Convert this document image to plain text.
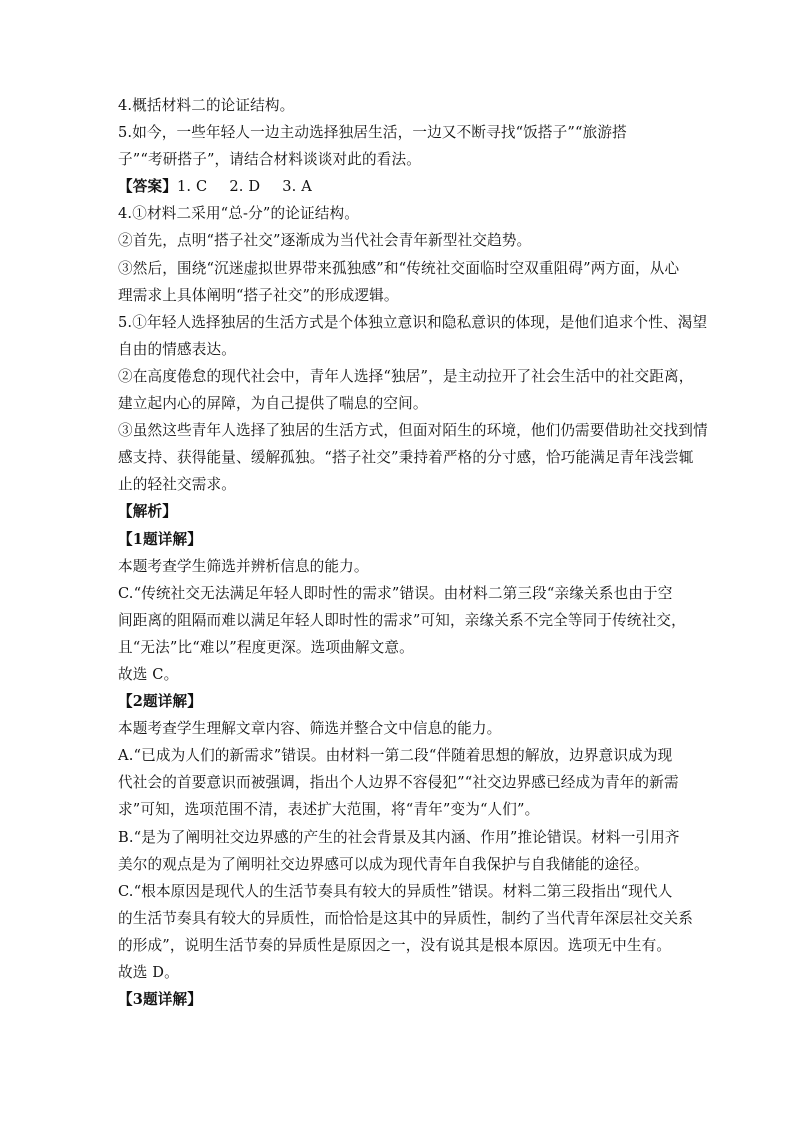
4.概括材料二的论证结构。
5.如今，一些年轻人一边主动选择独居生活，一边又不断寻找“饭搭子”“旅游搭
子”“考研搭子”，请结合材料谈谈对此的看法。
【答案】1. C 2. D 3. A
4.①材料二采用“总-分”的论证结构。
②首先，点明“搭子社交”逐渐成为当代社会青年新型社交趋势。
③然后，围绕“沉迷虚拟世界带来孤独感”和“传统社交面临时空双重阻碍”两方面，从心
理需求上具体阐明“搭子社交”的形成逻辑。
5.①年轻人选择独居的生活方式是个体独立意识和隐私意识的体现，是他们追求个性、渴望
自由的情感表达。
②在高度倦怠的现代社会中，青年人选择“独居”，是主动拉开了社会生活中的社交距离，
建立起内心的屏障，为自己提供了喘息的空间。
③虽然这些青年人选择了独居的生活方式，但面对陌生的环境，他们仍需要借助社交找到情
感支持、获得能量、缓解孤独。“搭子社交”秉持着严格的分寸感，恰巧能满足青年浅尝辄
止的轻社交需求。
【解析】
【1题详解】
本题考查学生筛选并辨析信息的能力。
C.“传统社交无法满足年轻人即时性的需求”错误。由材料二第三段“亲缘关系也由于空
间距离的阻隔而难以满足年轻人即时性的需求”可知，亲缘关系不完全等同于传统社交，
且“无法”比“难以”程度更深。选项曲解文意。
故选 C。
【2题详解】
本题考查学生理解文章内容、筛选并整合文中信息的能力。
A.“已成为人们的新需求”错误。由材料一第二段“伴随着思想的解放，边界意识成为现
代社会的首要意识而被强调，指出个人边界不容侵犯”“社交边界感已经成为青年的新需
求”可知，选项范围不清，表述扩大范围，将“青年”变为“人们”。
B.“是为了阐明社交边界感的产生的社会背景及其内涵、作用”推论错误。材料一引用齐
美尔的观点是为了阐明社交边界感可以成为现代青年自我保护与自我储能的途径。
C.“根本原因是现代人的生活节奏具有较大的异质性”错误。材料二第三段指出“现代人
的生活节奏具有较大的异质性，而恰恰是这其中的异质性，制约了当代青年深层社交关系
的形成”，说明生活节奏的异质性是原因之一，没有说其是根本原因。选项无中生有。
故选 D。
【3题详解】
